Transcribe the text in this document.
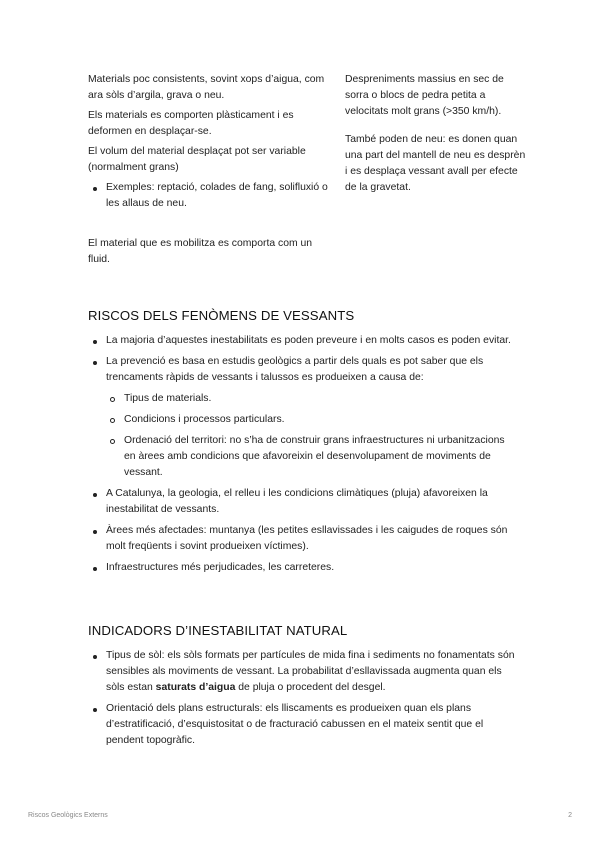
Materials poc consistents, sovint xops d’aigua, com ara sòls d’argila, grava o neu.

Els materials es comporten plàsticament i es deformen en desplaçar-se.

El volum del material desplaçat pot ser variable (normalment grans)

Exemples: reptació, colades de fang, solifluxió o les allaus de neu.

El material que es mobilitza es comporta com un fluid.

Despreniments massius en sec de sorra o blocs de pedra petita a velocitats molt grans (>350 km/h).

També poden de neu: es donen quan una part del mantell de neu es desprèn i es desplaça vessant avall per efecte de la gravetat.

RISCOS DELS FENÒMENS DE VESSANTS
La majoria d’aquestes inestabilitats es poden preveure i en molts casos es poden evitar.
La prevenció es basa en estudis geològics a partir dels quals es pot saber que els trencaments ràpids de vessants i talussos es produeixen a causa de:
Tipus de materials.
Condicions i processos particulars.
Ordenació del territori: no s’ha de construir grans infraestructures ni urbanitzacions en àrees amb condicions que afavoreixin el desenvolupament de moviments de vessant.
A Catalunya, la geologia, el relleu i les condicions climàtiques (pluja) afavoreixen la inestabilitat de vessants.
Àrees més afectades: muntanya (les petites esllavissades i les caigudes de roques són molt freqüents i sovint produeixen víctimes).
Infraestructures més perjudicades, les carreteres.
INDICADORS D’INESTABILITAT NATURAL
Tipus de sòl: els sòls formats per partícules de mida fina i sediments no fonamentats són sensibles als moviments de vessant. La probabilitat d’esllavissada augmenta quan els sòls estan saturats d’aigua de pluja o procedent del desgel.
Orientació dels plans estructurals: els lliscaments es produeixen quan els plans d’estratificació, d’esquistositat o de fracturació cabussen en el mateix sentit que el pendent topogràfic.
Riscos Geològics Externs	2
